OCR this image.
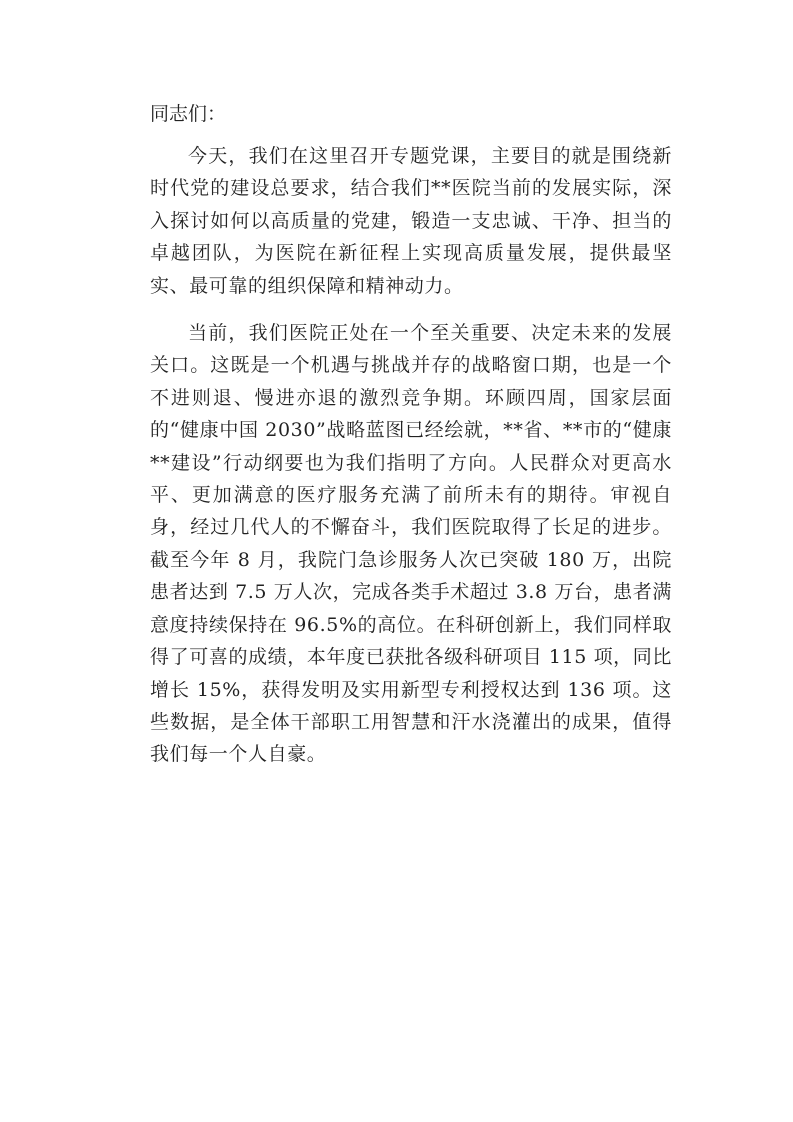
同志们：

今天，我们在这里召开专题党课，主要目的就是围绕新时代党的建设总要求，结合我们**医院当前的发展实际，深入探讨如何以高质量的党建，锻造一支忠诚、干净、担当的卓越团队，为医院在新征程上实现高质量发展，提供最坚实、最可靠的组织保障和精神动力。

当前，我们医院正处在一个至关重要、决定未来的发展关口。这既是一个机遇与挑战并存的战略窗口期，也是一个不进则退、慢进亦退的激烈竞争期。环顾四周，国家层面的“健康中国 2030”战略蓝图已经绘就，**省、**市的“健康**建设”行动纲要也为我们指明了方向。人民群众对更高水平、更加满意的医疗服务充满了前所未有的期待。审视自身，经过几代人的不懈奋斗，我们医院取得了长足的进步。截至今年 8 月，我院门急诊服务人次已突破 180 万，出院患者达到 7.5 万人次，完成各类手术超过 3.8 万台，患者满意度持续保持在 96.5%的高位。在科研创新上，我们同样取得了可喜的成绩，本年度已获批各级科研项目 115 项，同比增长 15%，获得发明及实用新型专利授权达到 136 项。这些数据，是全体干部职工用智慧和汗水浇灌出的成果，值得我们每一个人自豪。
